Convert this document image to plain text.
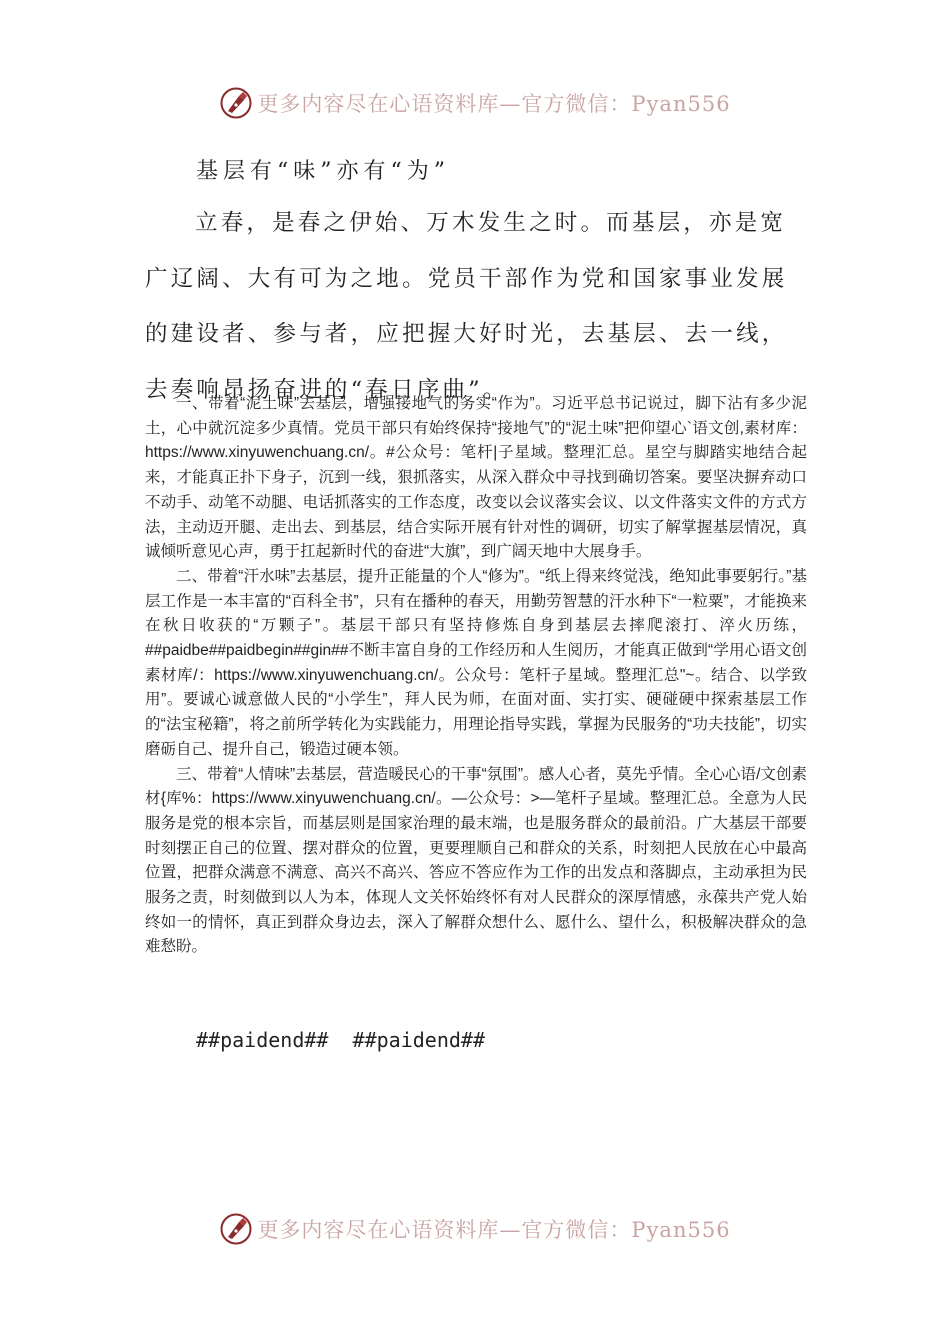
更多内容尽在心语资料库—官方微信：Pyan556
基层有“味”亦有“为”

立春，是春之伊始、万木发生之时。而基层，亦是宽广辽阔、大有可为之地。党员干部作为党和国家事业发展的建设者、参与者，应把握大好时光，去基层、去一线，去奏响昂扬奋进的“春日序曲”。

一、带着“泥土味”去基层，增强接地气的务实“作为”。习近平总书记说过，脚下沾有多少泥土，心中就沉淀多少真情。党员干部只有始终保持“接地气”的“泥土味”把仰望心`语文创,素材库：https://www.xinyuwenchuang.cn/。#公众号：笔杆|子星域。整理汇总。星空与脚踏实地结合起来，才能真正扑下身子，沉到一线，狠抓落实，从深入群众中寻找到确切答案。要坚决摒弃动口不动手、动笔不动腿、电话抓落实的工作态度，改变以会议落实会议、以文件落实文件的方式方法，主动迈开腿、走出去、到基层，结合实际开展有针对性的调研，切实了解掌握基层情况，真诚倾听意见心声，勇于扛起新时代的奋进“大旗”，到广阔天地中大展身手。

二、带着“汗水味”去基层，提升正能量的个人“修为”。“纸上得来终觉浅，绝知此事要躬行。”基层工作是一本丰富的“百科全书”，只有在播种的春天，用勤劳智慧的汗水种下“一粒粟”，才能换来在秋日收获的“万颗子”。基层干部只有坚持修炼自身到基层去摔爬滚打、淬火历练，##paidbe##paidbegin##gin##不断丰富自身的工作经历和人生阅历，才能真正做到“学用心语文创素材库/：https://www.xinyuwenchuang.cn/。公众号：笔杆子星域。整理汇总"~。结合、以学致用”。要诚心诚意做人民的“小学生”，拜人民为师，在面对面、实打实、硬碰硬中探索基层工作的“法宝秘籍”，将之前所学转化为实践能力，用理论指导实践，掌握为民服务的“功夫技能”，切实磨砺自己、提升自己，锻造过硬本领。

三、带着“人情味”去基层，营造暖民心的干事“氛围”。感人心者，莫先乎情。全心心语/文创素材{库%：https://www.xinyuwenchuang.cn/。—公众号：>—笔杆子星域。整理汇总。全意为人民服务是党的根本宗旨，而基层则是国家治理的最末端，也是服务群众的最前沿。广大基层干部要时刻摆正自己的位置、摆对群众的位置，更要理顺自己和群众的关系，时刻把人民放在心中最高位置，把群众满意不满意、高兴不高兴、答应不答应作为工作的出发点和落脚点，主动承担为民服务之责，时刻做到以人为本，体现人文关怀始终怀有对人民群众的深厚情感，永葆共产党人始终如一的情怀，真正到群众身边去，深入了解群众想什么、愿什么、望什么，积极解决群众的急难愁盼。

##paidend##  ##paidend##
更多内容尽在心语资料库—官方微信：Pyan556
